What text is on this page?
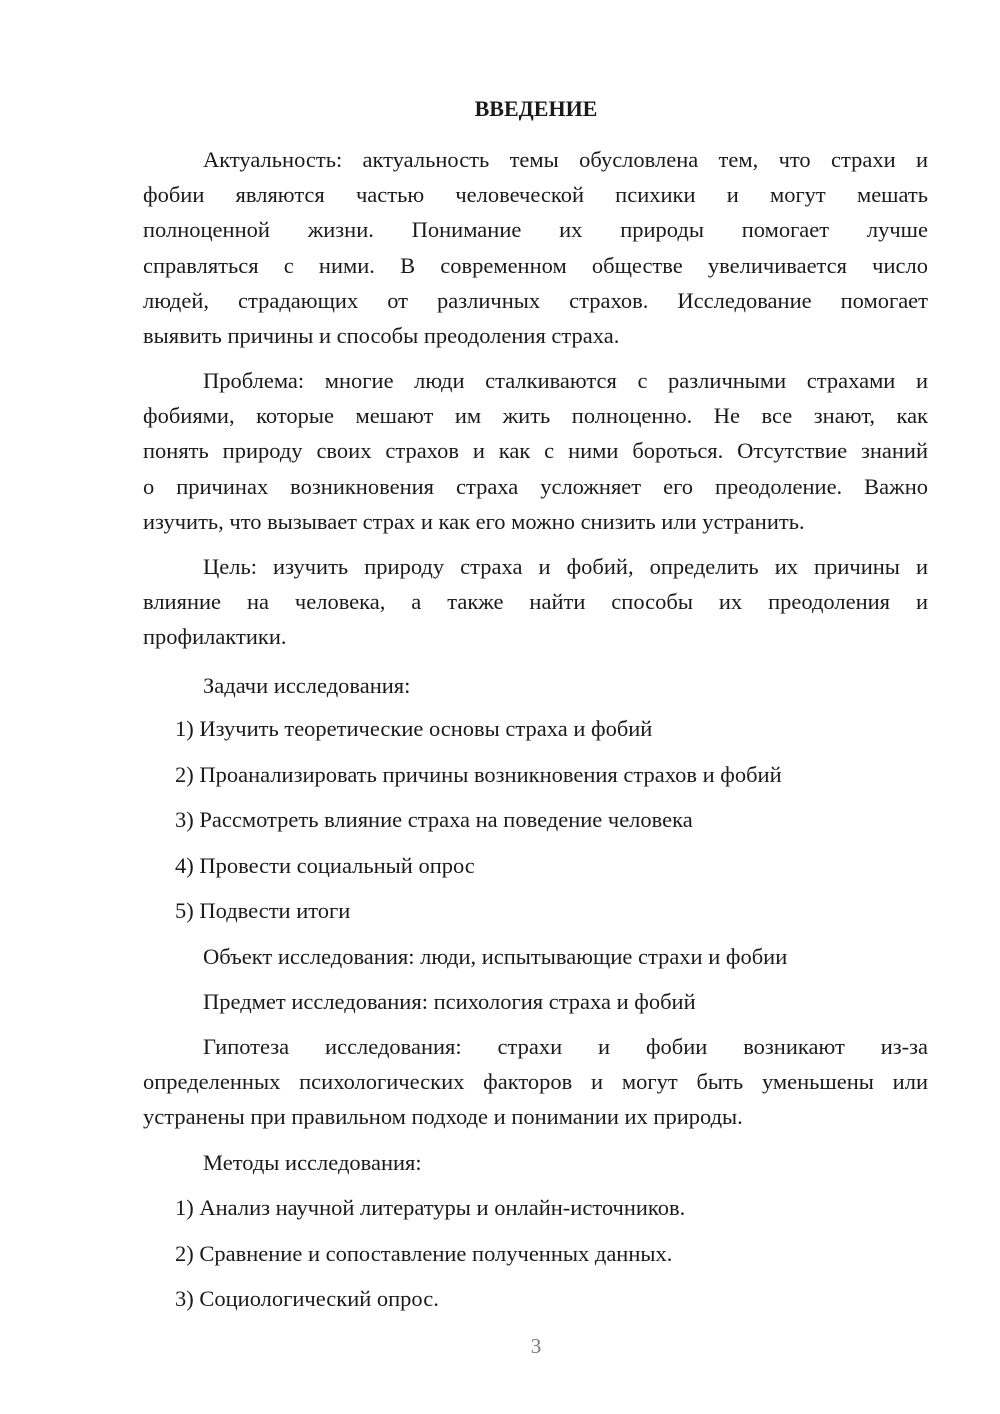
ВВЕДЕНИЕ
Актуальность: актуальность темы обусловлена тем, что страхи и
фобии являются частью человеческой психики и могут мешать
полноценной жизни. Понимание их природы помогает лучше
справляться с ними. В современном обществе увеличивается число
людей, страдающих от различных страхов. Исследование помогает
выявить причины и способы преодоления страха.
Проблема: многие люди сталкиваются с различными страхами и
фобиями, которые мешают им жить полноценно. Не все знают, как
понять природу своих страхов и как с ними бороться. Отсутствие знаний
о причинах возникновения страха усложняет его преодоление. Важно
изучить, что вызывает страх и как его можно снизить или устранить.
Цель: изучить природу страха и фобий, определить их причины и
влияние на человека, а также найти способы их преодоления и
профилактики.
Задачи исследования:
1) Изучить теоретические основы страха и фобий
2) Проанализировать причины возникновения страхов и фобий
3) Рассмотреть влияние страха на поведение человека
4) Провести социальный опрос
5) Подвести итоги
Объект исследования: люди, испытывающие страхи и фобии
Предмет исследования: психология страха и фобий
Гипотеза исследования: страхи и фобии возникают из-за
определенных психологических факторов и могут быть уменьшены или
устранены при правильном подходе и понимании их природы.
Методы исследования:
1) Анализ научной литературы и онлайн-источников.
2) Сравнение и сопоставление полученных данных.
3) Социологический опрос.
3
